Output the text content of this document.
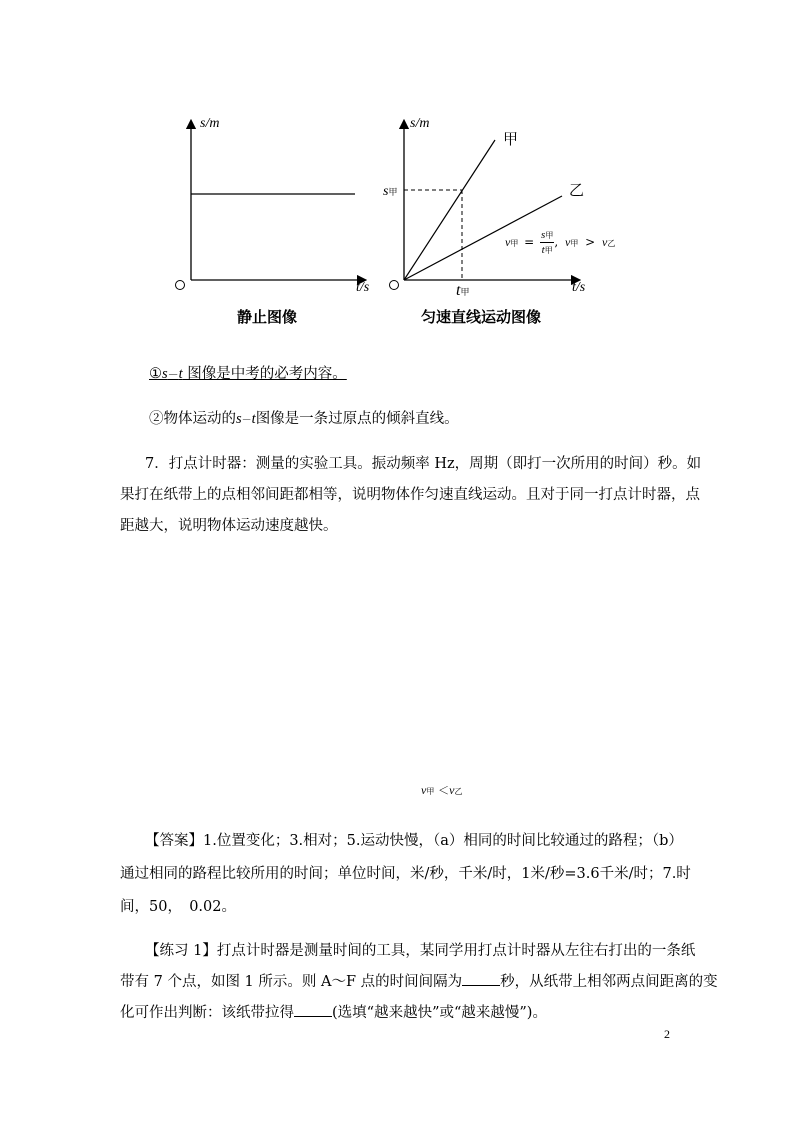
s/m
t/s
静止图像
s/m
t/s
甲
乙
s甲
t甲
v甲 = s甲
t甲
, v甲 > v乙
匀速直线运动图像
①s－t 图像是中考的必考内容。
②物体运动的s－t图像是一条过原点的倾斜直线。
7．打点计时器：测量的实验工具。振动频率 Hz，周期（即打一次所用的时间）秒。如
果打在纸带上的点相邻间距都相等，说明物体作匀速直线运动。且对于同一打点计时器，点
距越大，说明物体运动速度越快。
v甲 ＜v乙
【答案】1.位置变化；3.相对；5.运动快慢，（a）相同的时间比较通过的路程；（b）
通过相同的路程比较所用的时间；单位时间，米/秒，千米/时，1米/秒=3.6千米/时；7.时
间，50，　0.02。
【练习 1】打点计时器是测量时间的工具，某同学用打点计时器从左往右打出的一条纸
带有 7 个点，如图 1 所示。则 A～F 点的时间间隔为	秒，从纸带上相邻两点间距离的变
化可作出判断：该纸带拉得	(选填“越来越快”或“越来越慢”)。
2
